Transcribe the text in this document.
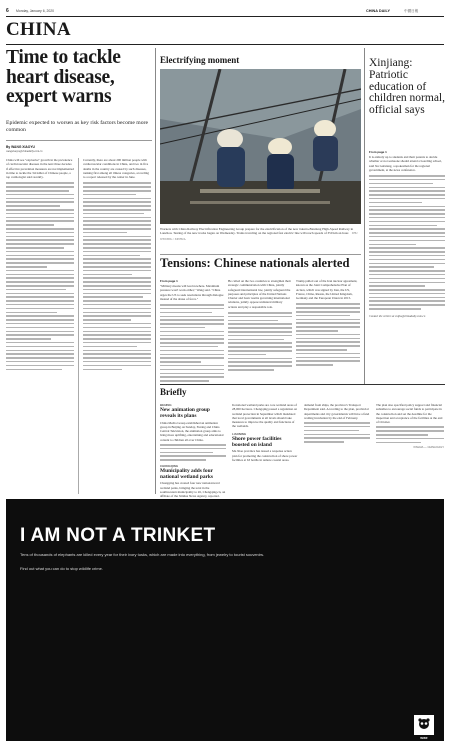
6 Monday, January 6, 2020	CHINA DAILY	中國日報
CHINA
Time to tackle heart disease, expert warns
Epidemic expected to worsen as key risk factors become more common
By WANG XIAOYU
wangxiaoyu@chinadaily.com.cn
China will see "explosive" growth in the prevalence of cardiovascular diseases in the next three decades if effective prevention measures are not implemented in time to tackle the 3rd killer of Chinese people, a top cardiologist said recently.
Currently, there are about 290 million people with cardiovascular conditions in China, and two in five deaths in the country are caused by such diseases, ranking first among all illness categories, according to a report released by the center in June.
Electrifying moment
Workers with China Railway Electrification Engineering Group prepare for the electrification of the new Jakarta-Bandung High-Speed Railway in Lanzhou. Testing of the new tracks began on Wednesday. Trains traveling on the regional fast electric line will reach speeds of 350 km an hour. ZHU WENJING / XINHUA
Tensions: Chinese nationals alerted
From page 1
"Military means will lead nowhere. Maximum pressure won't work either," Wang said. "China urges the US to seek resolutions through dialogue instead of the abuse of force."
He called on the two countries to strengthen their strategic communication with China, jointly safeguard international law, jointly safeguard the purposes and principles of the United Nations Charter and basic norms governing international relations, jointly oppose unilateral military actions and play a responsible role.
Trump pulled out of the Iran nuclear agreement, known as the Joint Comprehensive Plan of Action, which was signed by Iran, the US, France, China, Russia, the United Kingdom, Germany and the European Union in 2015.
Xinjiang: Patriotic education of children normal, official says
From page 1
It is entirely up to students and their parents to decide whether or not someone should attend a boarding school, said Xu Guixiang, a spokesman for the regional government, at the news conference.
Contact the writers at cuijia@chinadaily.com.cn
Briefly
BEIJING
New animation group reveals its plans
China Media Group established an animation group in Beijing on Sunday, Fuxing and China Central Television, the animation group aims to bring more uplifting, entertaining and educational content to children all over China.
CHONGQING
Municipality adds four national wetland parks
Chongqing has created four new national-level wetland parks, bringing the total in the southwestern municipality to 26, Chongqing.cn, an affiliate of the Xinhua News Agency, reported.
In national wetland parks are core wetland areas of 28,000 hectares. Chongqing passed a regulation on wetland protection in September which mandated that local governments at all levels should take measures to improve the quality and functions of the wetlands.
LIAONING
Shore power facilities boosted on island
Ma Xiao province has issued a response action plan for promoting the construction of shore power facilities at 63 berths in remote coastal areas.
demand from ships, the province's Transport Department said. According to the plan, provincial departments and city governments will have a fund waiting incubation by the end of February.
The plan also specified policy support and financial subsidies to encourage social funds to participate in the construction and set the deadline for the inspection and acceptance of the facilities at the end of October.
XINHUA — CHINA DAILY
I AM NOT A TRINKET
Tens of thousands of elephants are killed every year for their ivory tusks, which are made into everything, from jewelry to tourist souvenirs.
Find out what you can do to stop wildlife crime.
WWF
